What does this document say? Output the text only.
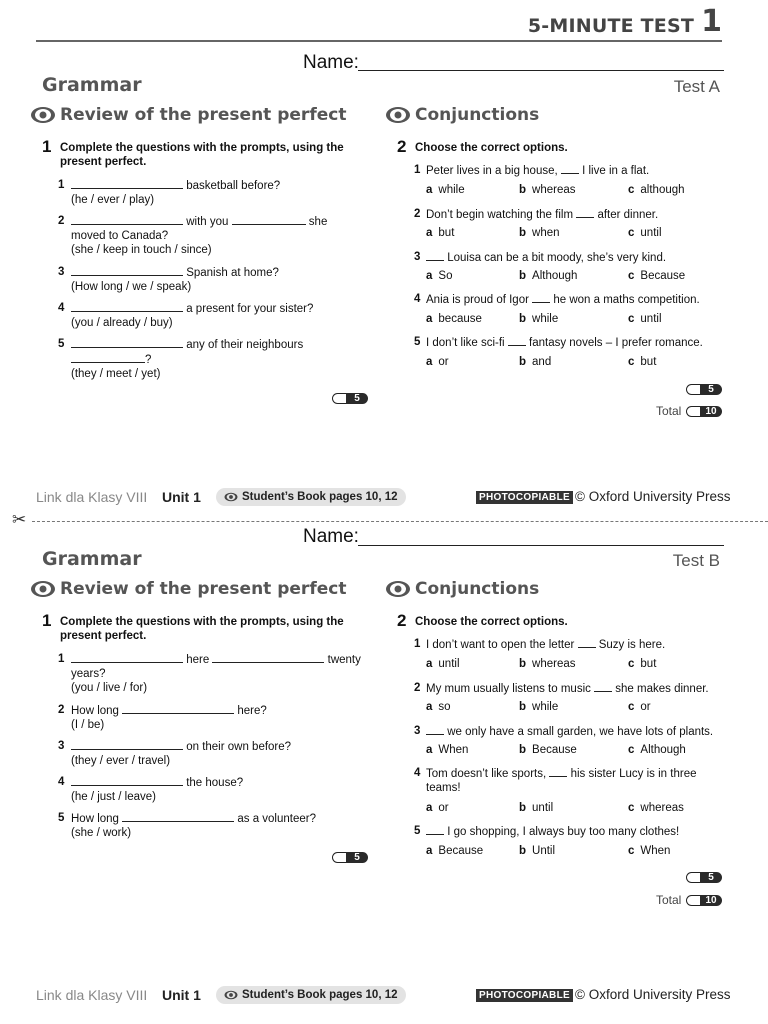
5-MINUTE TEST 1
Name:
Grammar	Test A
Review of the present perfect
1 Complete the questions with the prompts, using the present perfect.
1	basketball before?
(he / ever / play)
2	with you	she
moved to Canada?
(she / keep in touch / since)
3	Spanish at home?
(How long / we / speak)
4	a present for your sister?
(you / already / buy)
5	any of their neighbours
?
(they / meet / yet)
5
Conjunctions
2 Choose the correct options.
1 Peter lives in a big house, I live in a flat.
a while	b whereas	c although
2 Don’t begin watching the film after dinner.
a but	b when	c until
3	Louisa can be a bit moody, she’s very kind.
a So	b Although	c Because
4 Ania is proud of Igor he won a maths competition.
a because	b while	c until
5 I don’t like sci-fi fantasy novels – I prefer romance.
a or	b and	c but
5
Total	10
Link dla Klasy VIII Unit 1	Student’s Book pages 10, 12	PHOTOCOPIABLE © Oxford University Press
✂
Name:
Grammar	Test B
Review of the present perfect
1 Complete the questions with the prompts, using the present perfect.
1	here	twenty
years?
(you / live / for)
2 How long	here?
(I / be)
3	on their own before?
(they / ever / travel)
4	the house?
(he / just / leave)
5 How long	as a volunteer?
(she / work)
5
Conjunctions
2 Choose the correct options.
1 I don’t want to open the letter Suzy is here.
a until	b whereas	c but
2 My mum usually listens to music she makes dinner.
a so	b while	c or
3	we only have a small garden, we have lots of plants.
a When	b Because	c Although
4 Tom doesn’t like sports, his sister Lucy is in three
teams!
a or	b until	c whereas
5	I go shopping, I always buy too many clothes!
a Because	b Until	c When
5
Total	10
Link dla Klasy VIII Unit 1	Student’s Book pages 10, 12	PHOTOCOPIABLE © Oxford University Press
